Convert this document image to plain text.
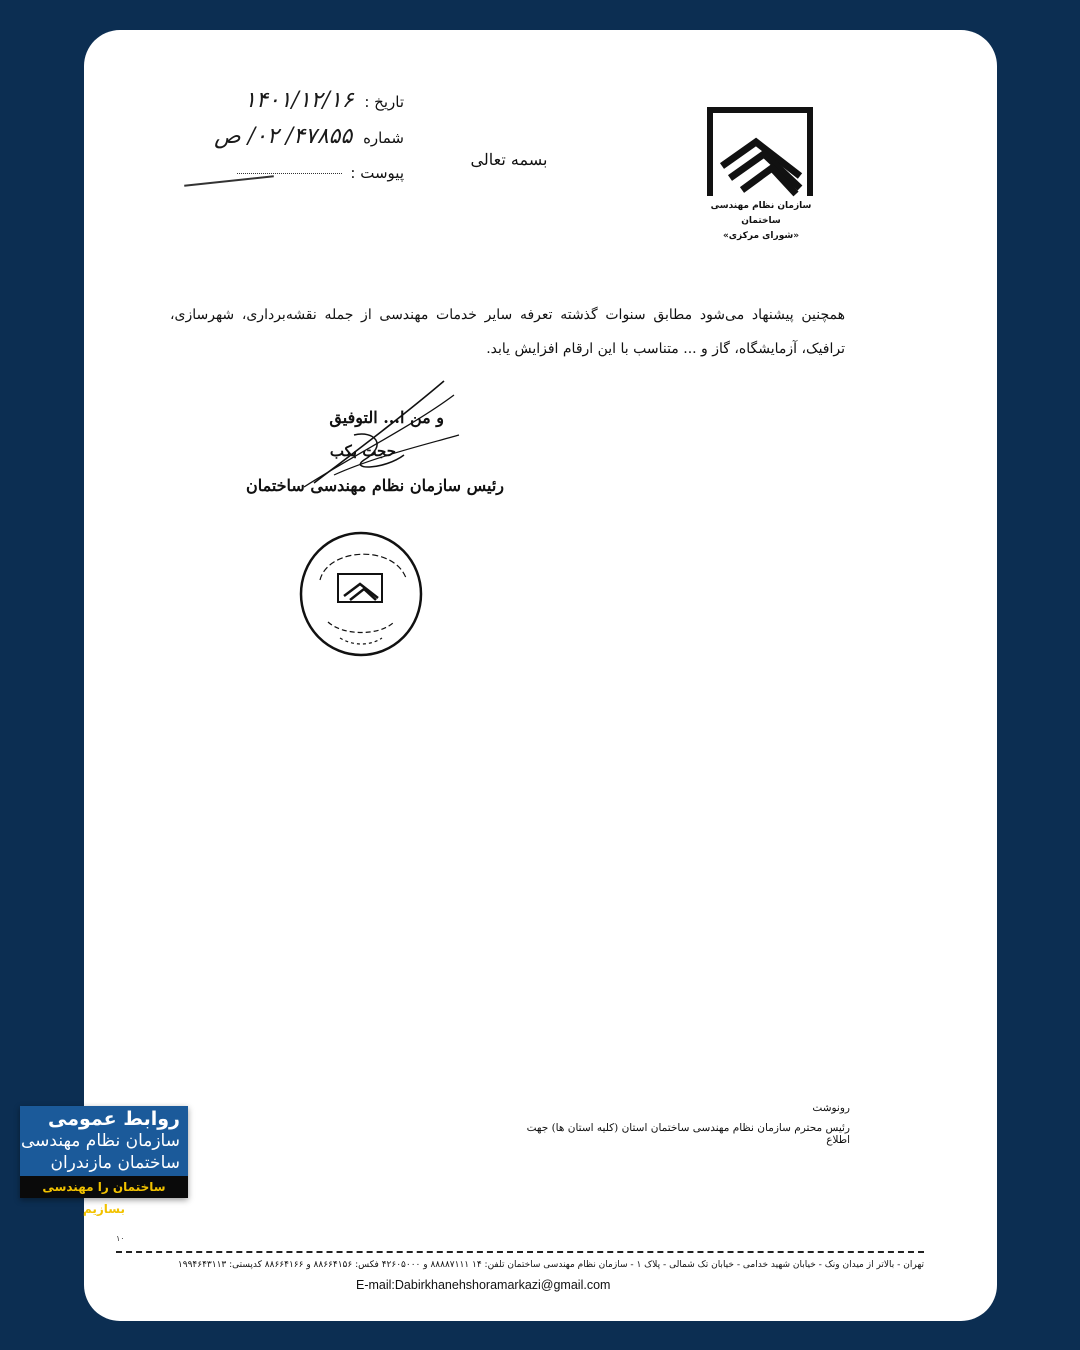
تاریخ : ۱۴۰۱/۱۲/۱۶
شماره ۴۷۸۵۵/ ۰۲/ ص
پیوست :
بسمه تعالی
سازمان نظام مهندسی ساختمان
«شورای مرکزی»
همچنین پیشنهاد می‌شود مطابق سنوات گذشته تعرفه سایر خدمات مهندسی از جمله نقشه‌برداری، شهرسازی، ترافیک، آزمایشگاه، گاز و ... متناسب با این ارقام افزایش یابد.
و من ا... التوفیق
حجت بکب
رئیس سازمان نظام مهندسی ساختمان
رونوشت
رئیس محترم سازمان نظام مهندسی ساختمان استان (کلیه استان ها) جهت اطلاع
۱۰
تهران - بالاتر از میدان ونک - خیابان شهید خدامی - خیابان تک شمالی - پلاک ۱ - سازمان نظام مهندسی ساختمان تلفن: ۱۴ ۸۸۸۸۷۱۱۱ و ۴۲۶۰۵۰۰۰ فکس: ۸۸۶۶۴۱۵۶ و ۸۸۶۶۴۱۶۶ کدپستی: ۱۹۹۴۶۴۳۱۱۳
E-mail:Dabirkhanehshoramarkazi@gmail.com
روابط عمومی
سازمان نظام مهندسی
ساختمان مازندران
ساختمان را مهندسی بسازیم
